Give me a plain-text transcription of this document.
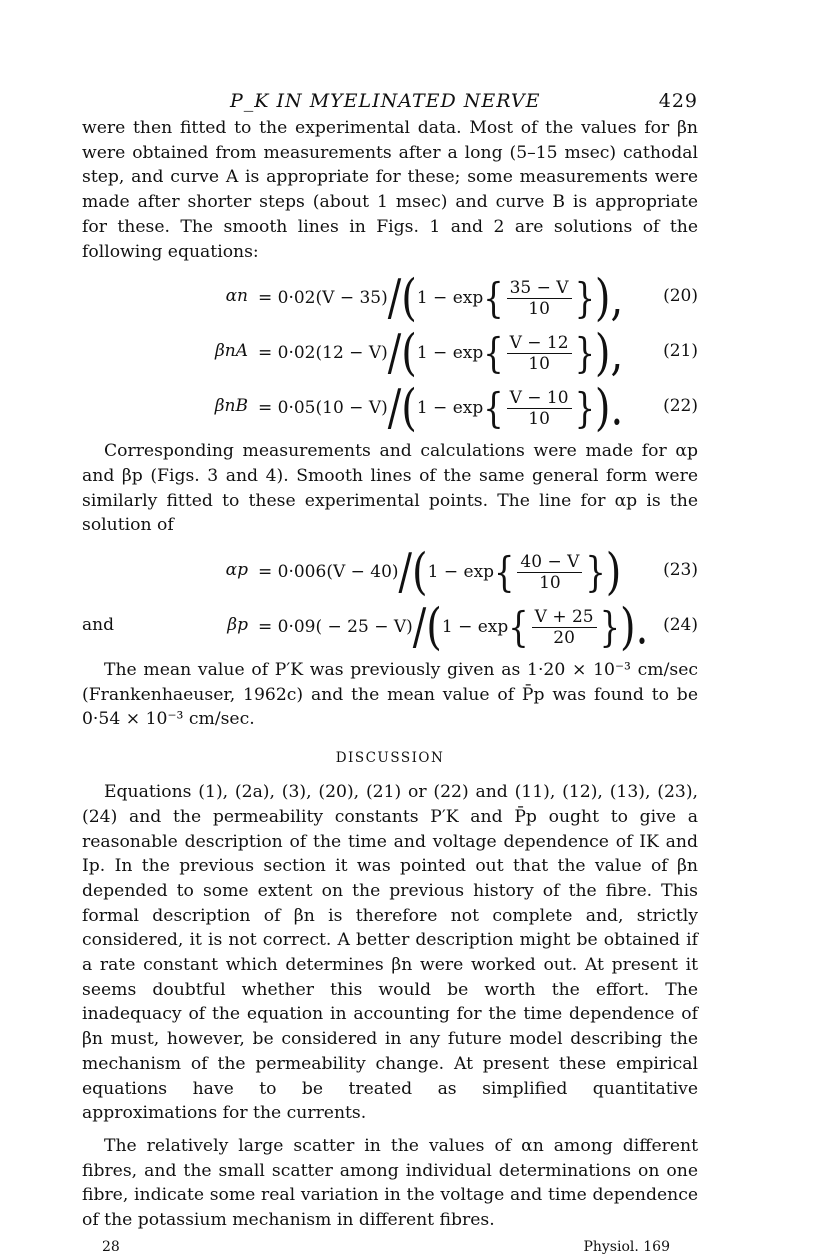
P_K IN MYELINATED NERVE	429

were then fitted to the experimental data. Most of the values for βn were obtained from measurements after a long (5–15 msec) cathodal step, and curve A is appropriate for these; some measurements were made after shorter steps (about 1 msec) and curve B is appropriate for these. The smooth lines in Figs. 1 and 2 are solutions of the following equations:

αn = 0·02(V − 35) / ( 1 − exp { $\frac{35 - V}{10}$ } ), (20)
βnA = 0·02(12 − V) / ( 1 − exp { $\frac{V - 12}{10}$ } ), (21)
βnB = 0·05(10 − V) / ( 1 − exp { $\frac{V - 10}{10}$ } ). (22)

Corresponding measurements and calculations were made for αp and βp (Figs. 3 and 4). Smooth lines of the same general form were similarly fitted to these experimental points. The line for αp is the solution of

αp = 0·006(V − 40) / ( 1 − exp { $\frac{40 - V}{10}$ } ) (23)
and	βp = 0·09( − 25 − V) / ( 1 − exp { $\frac{V + 25}{20}$ } ). (24)

The mean value of P′K was previously given as 1·20 × 10⁻³ cm/sec (Frankenhaeuser, 1962c) and the mean value of P̄p was found to be 0·54 × 10⁻³ cm/sec.

DISCUSSION

Equations (1), (2a), (3), (20), (21) or (22) and (11), (12), (13), (23), (24) and the permeability constants P′K and P̄p ought to give a reasonable description of the time and voltage dependence of IK and Ip. In the previous section it was pointed out that the value of βn depended to some extent on the previous history of the fibre. This formal description of βn is therefore not complete and, strictly considered, it is not correct. A better description might be obtained if a rate constant which determines βn were worked out. At present it seems doubtful whether this would be worth the effort. The inadequacy of the equation in accounting for the time dependence of βn must, however, be considered in any future model describing the mechanism of the permeability change. At present these empirical equations have to be treated as simplified quantitative approximations for the currents.

The relatively large scatter in the values of αn among different fibres, and the small scatter among individual determinations on one fibre, indicate some real variation in the voltage and time dependence of the potassium mechanism in different fibres.

28	Physiol. 169
